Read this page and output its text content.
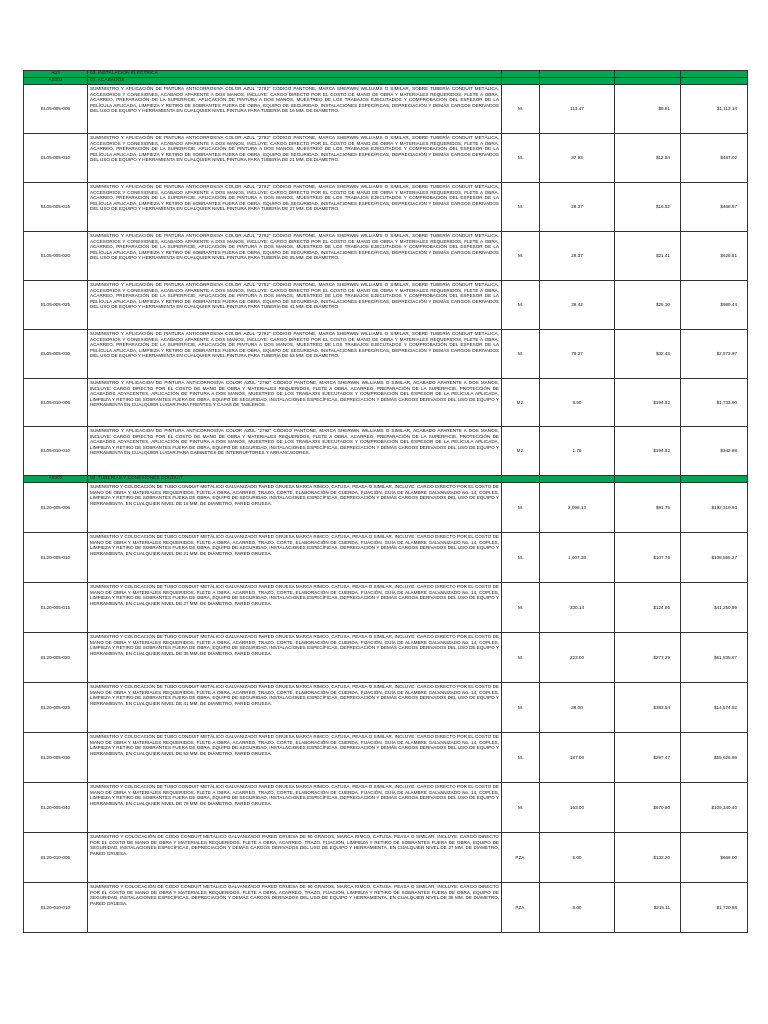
A03	03. INSTALACIÓN ELÉCTRICA				
A0301	01. ACABADOS				
EL05-005-005	SUMINISTRO Y APLICACIÓN DE PINTURA ANTICORROSIVA COLOR AZUL "2792" CÓDIGO PANTONE, MARCA SHERWIN WILLIAMS O SIMILAR, SOBRE TUBERÍA CONDUIT METÁLICA, ACCESORIOS Y CONEXIONES, ACABADO APARENTE A DOS MANOS, INCLUYE: CARGO DIRECTO POR EL COSTO DE MANO DE OBRA Y MATERIALES REQUERIDOS, FLETE A OBRA, ACARREO, PREPARACIÓN DE LA SUPERFICIE, APLICACIÓN DE PINTURA A DOS MANOS, MUESTREO DE LOS TRABAJOS EJECUTADOS Y COMPROBACIÓN DEL ESPESOR DE LA PELÍCULA APLICADA, LIMPIEZA Y RETIRO DE SOBRANTES FUERA DE OBRA, EQUIPO DE SEGURIDAD, INSTALACIONES ESPECÍFICAS, DEPRECIACIÓN Y DEMÁS CARGOS DERIVADOS DEL USO DE EQUIPO Y HERRAMIENTA EN CUALQUIER NIVEL.PINTURA PARA TUBERÍA DE 16 MM. DE DIÁMETRO.	M.	113.47	$9.81	$1,113.14
EL05-005-010	SUMINISTRO Y APLICACIÓN DE PINTURA ANTICORROSIVA COLOR AZUL "2792" CÓDIGO PANTONE, MARCA SHERWIN WILLIAMS O SIMILAR, SOBRE TUBERÍA CONDUIT METÁLICA, ACCESORIOS Y CONEXIONES, ACABADO APARENTE A DOS MANOS, INCLUYE: CARGO DIRECTO POR EL COSTO DE MANO DE OBRA Y MATERIALES REQUERIDOS, FLETE A OBRA, ACARREO, PREPARACIÓN DE LA SUPERFICIE, APLICACIÓN DE PINTURA A DOS MANOS, MUESTREO DE LOS TRABAJOS EJECUTADOS Y COMPROBACIÓN DEL ESPESOR DE LA PELÍCULA APLICADA, LIMPIEZA Y RETIRO DE SOBRANTES FUERA DE OBRA, EQUIPO DE SEGURIDAD, INSTALACIONES ESPECÍFICAS, DEPRECIACIÓN Y DEMÁS CARGOS DERIVADOS DEL USO DE EQUIPO Y HERRAMIENTA EN CUALQUIER NIVEL.PINTURA PARA TUBERÍA DE 21 MM. DE DIÁMETRO.	M.	37.93	$12.84	$487.02
EL05-005-015	SUMINISTRO Y APLICACIÓN DE PINTURA ANTICORROSIVA COLOR AZUL "2792" CÓDIGO PANTONE, MARCA SHERWIN WILLIAMS O SIMILAR, SOBRE TUBERÍA CONDUIT METÁLICA, ACCESORIOS Y CONEXIONES, ACABADO APARENTE A DOS MANOS, INCLUYE: CARGO DIRECTO POR EL COSTO DE MANO DE OBRA Y MATERIALES REQUERIDOS, FLETE A OBRA, ACARREO, PREPARACIÓN DE LA SUPERFICIE, APLICACIÓN DE PINTURA A DOS MANOS, MUESTREO DE LOS TRABAJOS EJECUTADOS Y COMPROBACIÓN DEL ESPESOR DE LA PELÍCULA APLICADA, LIMPIEZA Y RETIRO DE SOBRANTES FUERA DE OBRA, EQUIPO DE SEGURIDAD, INSTALACIONES ESPECÍFICAS, DEPRECIACIÓN Y DEMÁS CARGOS DERIVADOS DEL USO DE EQUIPO Y HERRAMIENTA EN CUALQUIER NIVEL.PINTURA PARA TUBERÍA DE 27 MM. DE DIÁMETRO.	M.	28.37	$16.52	$468.67
EL05-005-020	SUMINISTRO Y APLICACIÓN DE PINTURA ANTICORROSIVA COLOR AZUL "2792" CÓDIGO PANTONE, MARCA SHERWIN WILLIAMS O SIMILAR, SOBRE TUBERÍA CONDUIT METÁLICA, ACCESORIOS Y CONEXIONES, ACABADO APARENTE A DOS MANOS, INCLUYE: CARGO DIRECTO POR EL COSTO DE MANO DE OBRA Y MATERIALES REQUERIDOS, FLETE A OBRA, ACARREO, PREPARACIÓN DE LA SUPERFICIE, APLICACIÓN DE PINTURA A DOS MANOS, MUESTREO DE LOS TRABAJOS EJECUTADOS Y COMPROBACIÓN DEL ESPESOR DE LA PELÍCULA APLICADA, LIMPIEZA Y RETIRO DE SOBRANTES FUERA DE OBRA, EQUIPO DE SEGURIDAD, INSTALACIONES ESPECÍFICAS, DEPRECIACIÓN Y DEMÁS CARGOS DERIVADOS DEL USO DE EQUIPO Y HERRAMIENTA EN CUALQUIER NIVEL.PINTURA PARA TUBERÍA DE 35 MM. DE DIÁMETRO.	M.	29.37	$21.41	$628.81
EL05-005-025	SUMINISTRO Y APLICACIÓN DE PINTURA ANTICORROSIVA COLOR AZUL "2792" CÓDIGO PANTONE, MARCA SHERWIN WILLIAMS O SIMILAR, SOBRE TUBERÍA CONDUIT METÁLICA, ACCESORIOS Y CONEXIONES, ACABADO APARENTE A DOS MANOS, INCLUYE: CARGO DIRECTO POR EL COSTO DE MANO DE OBRA Y MATERIALES REQUERIDOS, FLETE A OBRA, ACARREO, PREPARACIÓN DE LA SUPERFICIE, APLICACIÓN DE PINTURA A DOS MANOS, MUESTREO DE LOS TRABAJOS EJECUTADOS Y COMPROBACIÓN DEL ESPESOR DE LA PELÍCULA APLICADA, LIMPIEZA Y RETIRO DE SOBRANTES FUERA DE OBRA, EQUIPO DE SEGURIDAD, INSTALACIONES ESPECÍFICAS, DEPRECIACIÓN Y DEMÁS CARGOS DERIVADOS DEL USO DE EQUIPO Y HERRAMIENTA EN CUALQUIER NIVEL.PINTURA PARA TUBERÍA DE 41 MM. DE DIÁMETRO.	M.	39.42	$25.10	$989.44
EL05-005-030	SUMINISTRO Y APLICACIÓN DE PINTURA ANTICORROSIVA COLOR AZUL "2792" CÓDIGO PANTONE, MARCA SHERWIN WILLIAMS O SIMILAR, SOBRE TUBERÍA CONDUIT METÁLICA, ACCESORIOS Y CONEXIONES, ACABADO APARENTE A DOS MANOS, INCLUYE: CARGO DIRECTO POR EL COSTO DE MANO DE OBRA Y MATERIALES REQUERIDOS, FLETE A OBRA, ACARREO, PREPARACIÓN DE LA SUPERFICIE, APLICACIÓN DE PINTURA A DOS MANOS, MUESTREO DE LOS TRABAJOS EJECUTADOS Y COMPROBACIÓN DEL ESPESOR DE LA PELÍCULA APLICADA, LIMPIEZA Y RETIRO DE SOBRANTES FUERA DE OBRA, EQUIPO DE SEGURIDAD, INSTALACIONES ESPECÍFICAS, DEPRECIACIÓN Y DEMÁS CARGOS DERIVADOS DEL USO DE EQUIPO Y HERRAMIENTA EN CUALQUIER NIVEL.PINTURA PARA TUBERÍA DE 53 MM. DE DIÁMETRO.	M.	79.37	$32.43	$2,573.97
EL05-010-005	SUMINISTRO Y APLICACIÓN DE PINTURA ANTICORROSIVA COLOR AZUL "2792" CÓDIGO PANTONE, MARCA SHERWIN WILLIAMS O SIMILAR, ACABADO APARENTE A DOS MANOS, INCLUYE: CARGO DIRECTO POR EL COSTO DE MANO DE OBRA Y MATERIALES REQUERIDOS, FLETE A OBRA, ACARREO, PREPARACIÓN DE LA SUPERFICIE, PROTECCIÓN DE ACABADOS ADYACENTES, APLICACIÓN DE PINTURA A DOS MANOS, MUESTREO DE LOS TRABAJOS EJECUTADOS Y COMPROBACIÓN DEL ESPESOR DE LA PELÍCULA APLICADA, LIMPIEZA Y RETIRO DE SOBRANTES FUERA DE OBRA, EQUIPO DE SEGURIDAD, INSTALACIONES ESPECÍFICAS, DEPRECIACIÓN Y DEMÁS CARGOS DERIVADOS DEL USO DE EQUIPO Y HERRAMIENTA EN CUALQUIER LUGAR.PARA FRENTES Y CAJAS DE TABLEROS.	M2.	8.90	$194.82	$1,733.90
EL05-010-010	SUMINISTRO Y APLICACIÓN DE PINTURA ANTICORROSIVA COLOR AZUL "2792" CÓDIGO PANTONE, MARCA SHERWIN WILLIAMS O SIMILAR, ACABADO APARENTE A DOS MANOS, INCLUYE: CARGO DIRECTO POR EL COSTO DE MANO DE OBRA Y MATERIALES REQUERIDOS, FLETE A OBRA, ACARREO, PREPARACIÓN DE LA SUPERFICIE, PROTECCIÓN DE ACABADOS ADYACENTES, APLICACIÓN DE PINTURA A DOS MANOS, MUESTREO DE LOS TRABAJOS EJECUTADOS Y COMPROBACIÓN DEL ESPESOR DE LA PELÍCULA APLICADA, LIMPIEZA Y RETIRO DE SOBRANTES FUERA DE OBRA, EQUIPO DE SEGURIDAD, INSTALACIONES ESPECÍFICAS, DEPRECIACIÓN Y DEMÁS CARGOS DERIVADOS DEL USO DE EQUIPO Y HERRAMIENTA EN CUALQUIER LUGAR.PARA GABINETES DE INTERRUPTORES Y ARRANCADORES.	M2.	1.76	$194.82	$342.88
A0302	02. TUBERÍAS Y CONEXIONES CONDUIT				
EL20-005-005	SUMINISTRO Y COLOCACIÓN DE TUBO CONDUIT METÁLICO GALVANIZADO PARED GRUESA MARCA RIMCO, CATUSA, PEASA O SIMILAR, INCLUYE: CARGO DIRECTO POR EL COSTO DE MANO DE OBRA Y MATERIALES REQUERIDOS, FLETE A OBRA, ACARREO, TRAZO, CORTE, ELABORACIÓN DE CUERDA, FIJACIÓN, GUÍA DE ALAMBRE GALVANIZADO No. 14, COPLES, LIMPIEZA Y RETIRO DE SOBRANTES FUERA DE OBRA, EQUIPO DE SEGURIDAD, INSTALACIONES ESPECÍFICAS, DEPRECIACIÓN Y DEMÁS CARGOS DERIVADOS DEL USO DE EQUIPO Y HERRAMIENTA, EN CUALQUIER NIVEL DE 16 MM. DE DIÁMETRO, PARED GRUESA.	M.	2,098.13	$91.75	$192,319.93
EL20-005-010	SUMINISTRO Y COLOCACIÓN DE TUBO CONDUIT METÁLICO GALVANIZADO PARED GRUESA MARCA RIMCO, CATUSA, PEASA O SIMILAR, INCLUYE: CARGO DIRECTO POR EL COSTO DE MANO DE OBRA Y MATERIALES REQUERIDOS, FLETE A OBRA, ACARREO, TRAZO, CORTE, ELABORACIÓN DE CUERDA, FIJACIÓN, GUÍA DE ALAMBRE GALVANIZADO No. 14, COPLES, LIMPIEZA Y RETIRO DE SOBRANTES FUERA DE OBRA, EQUIPO DE SEGURIDAD, INSTALACIONES ESPECÍFICAS, DEPRECIACIÓN Y DEMÁS CARGOS DERIVADOS DEL USO DE EQUIPO Y HERRAMIENTA, EN CUALQUIER NIVEL DE 21 MM. DE DIÁMETRO, PARED GRUESA.	M.	1,007.38	$107.76	$108,555.27
EL20-005-015	SUMINISTRO Y COLOCACIÓN DE TUBO CONDUIT METÁLICO GALVANIZADO PARED GRUESA MARCA RIMCO, CATUSA, PEASA O SIMILAR, INCLUYE: CARGO DIRECTO POR EL COSTO DE MANO DE OBRA Y MATERIALES REQUERIDOS, FLETE A OBRA, ACARREO, TRAZO, CORTE, ELABORACIÓN DE CUERDA, FIJACIÓN, GUÍA DE ALAMBRE GALVANIZADO No. 14, COPLES, LIMPIEZA Y RETIRO DE SOBRANTES FUERA DE OBRA, EQUIPO DE SEGURIDAD, INSTALACIONES ESPECÍFICAS, DEPRECIACIÓN Y DEMÁS CARGOS DERIVADOS DEL USO DE EQUIPO Y HERRAMIENTA, EN CUALQUIER NIVEL DE 27 MM. DE DIÁMETRO, PARED GRUESA.	M.	330.14	$124.95	$41,250.99
EL20-005-020	SUMINISTRO Y COLOCACIÓN DE TUBO CONDUIT METÁLICO GALVANIZADO PARED GRUESA MARCA RIMCO, CATUSA, PEASA O SIMILAR, INCLUYE: CARGO DIRECTO POR EL COSTO DE MANO DE OBRA Y MATERIALES REQUERIDOS, FLETE A OBRA, ACARREO, TRAZO, CORTE, ELABORACIÓN DE CUERDA, FIJACIÓN, GUÍA DE ALAMBRE GALVANIZADO No. 14, COPLES, LIMPIEZA Y RETIRO DE SOBRANTES FUERA DE OBRA, EQUIPO DE SEGURIDAD, INSTALACIONES ESPECÍFICAS, DEPRECIACIÓN Y DEMÁS CARGOS DERIVADOS DEL USO DE EQUIPO Y HERRAMIENTA, EN CUALQUIER NIVEL DE 35 MM. DE DIÁMETRO, PARED GRUESA.	M.	223.00	$277.29	$61,835.67
EL20-005-025	SUMINISTRO Y COLOCACIÓN DE TUBO CONDUIT METÁLICO GALVANIZADO PARED GRUESA MARCA RIMCO, CATUSA, PEASA O SIMILAR, INCLUYE: CARGO DIRECTO POR EL COSTO DE MANO DE OBRA Y MATERIALES REQUERIDOS, FLETE A OBRA, ACARREO, TRAZO, CORTE, ELABORACIÓN DE CUERDA, FIJACIÓN, GUÍA DE ALAMBRE GALVANIZADO No. 14, COPLES, LIMPIEZA Y RETIRO DE SOBRANTES FUERA DE OBRA, EQUIPO DE SEGURIDAD, INSTALACIONES ESPECÍFICAS, DEPRECIACIÓN Y DEMÁS CARGOS DERIVADOS DEL USO DE EQUIPO Y HERRAMIENTA, EN CUALQUIER NIVEL DE 41 MM. DE DIÁMETRO, PARED GRUESA.	M.	38.00	$383.54	$14,574.52
EL20-005-030	SUMINISTRO Y COLOCACIÓN DE TUBO CONDUIT METÁLICO GALVANIZADO PARED GRUESA MARCA RIMCO, CATUSA, PEASA O SIMILAR, INCLUYE: CARGO DIRECTO POR EL COSTO DE MANO DE OBRA Y MATERIALES REQUERIDOS, FLETE A OBRA, ACARREO, TRAZO, CORTE, ELABORACIÓN DE CUERDA, FIJACIÓN, GUÍA DE ALAMBRE GALVANIZADO No. 14, COPLES, LIMPIEZA Y RETIRO DE SOBRANTES FUERA DE OBRA, EQUIPO DE SEGURIDAD, INSTALACIONES ESPECÍFICAS, DEPRECIACIÓN Y DEMÁS CARGOS DERIVADOS DEL USO DE EQUIPO Y HERRAMIENTA, EN CUALQUIER NIVEL DE 53 MM. DE DIÁMETRO, PARED GRUESA.	M.	187.00	$297.47	$55,626.89
EL20-005-040	SUMINISTRO Y COLOCACIÓN DE TUBO CONDUIT METÁLICO GALVANIZADO PARED GRUESA MARCA RIMCO, CATUSA, PEASA O SIMILAR, INCLUYE: CARGO DIRECTO POR EL COSTO DE MANO DE OBRA Y MATERIALES REQUERIDOS, FLETE A OBRA, ACARREO, TRAZO, CORTE, ELABORACIÓN DE CUERDA, FIJACIÓN, GUÍA DE ALAMBRE GALVANIZADO No. 14, COPLES, LIMPIEZA Y RETIRO DE SOBRANTES FUERA DE OBRA, EQUIPO DE SEGURIDAD, INSTALACIONES ESPECÍFICAS, DEPRECIACIÓN Y DEMÁS CARGOS DERIVADOS DEL USO DE EQUIPO Y HERRAMIENTA, EN CUALQUIER NIVEL DE 78 MM. DE DIÁMETRO, PARED GRUESA.	M.	163.00	$670.80	$109,340.40
EL20-010-005	SUMINISTRO Y COLOCACIÓN DE CODO CONDUIT METÁLICO GALVANIZADO PARED GRUESA DE 90 GRADOS, MARCA RIMCO, CATUSA, PEASA O SIMILAR, INCLUYE: CARGO DIRECTO POR EL COSTO DE MANO DE OBRA Y MATERIALES REQUERIDOS, FLETE A OBRA, ACARREO, TRAZO, FIJACIÓN, LIMPIEZA Y RETIRO DE SOBRANTES FUERA DE OBRA, EQUIPO DE SEGURIDAD, INSTALACIONES ESPECÍFICAS, DEPRECIACIÓN Y DEMÁS CARGOS DERIVADOS DEL USO DE EQUIPO Y HERRAMIENTA, EN CUALQUIER NIVEL.DE 27 MM. DE DIÁMETRO, PARED GRUESA.	PZA.	5.00	$133.20	$666.00
EL20-010-010	SUMINISTRO Y COLOCACIÓN DE CODO CONDUIT METÁLICO GALVANIZADO PARED GRUESA DE 90 GRADOS, MARCA RIMCO, CATUSA, PEASA O SIMILAR, INCLUYE: CARGO DIRECTO POR EL COSTO DE MANO DE OBRA Y MATERIALES REQUERIDOS, FLETE A OBRA, ACARREO, TRAZO, FIJACIÓN, LIMPIEZA Y RETIRO DE SOBRANTES FUERA DE OBRA, EQUIPO DE SEGURIDAD, INSTALACIONES ESPECÍFICAS, DEPRECIACIÓN Y DEMÁS CARGOS DERIVADOS DEL USO DE EQUIPO Y HERRAMIENTA, EN CUALQUIER NIVEL.DE 35 MM. DE DIÁMETRO, PARED GRUESA.	PZA.	8.00	$215.11	$1,720.88
